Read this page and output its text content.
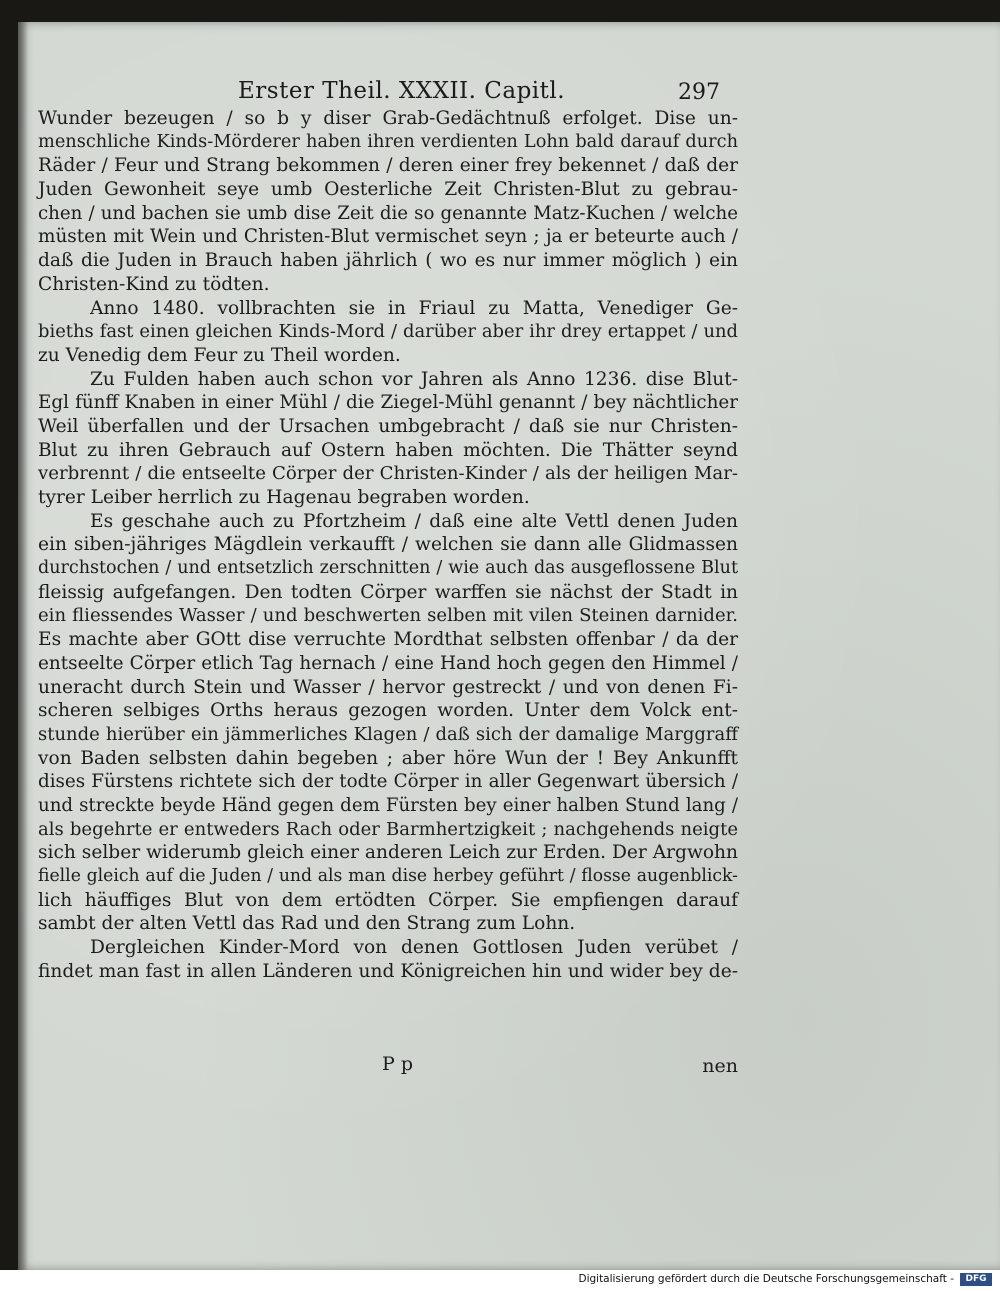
Erster Theil. XXXII. Capitl.	297
Wunder bezeugen / so b y diser Grab-Gedächtnuß erfolget. Dise un-
menschliche Kinds-Mörderer haben ihren verdienten Lohn bald darauf durch
Räder / Feur und Strang bekommen / deren einer frey bekennet / daß der
Juden Gewonheit seye umb Oesterliche Zeit Christen-Blut zu gebrau-
chen / und bachen sie umb dise Zeit die so genannte Matz-Kuchen / welche
müsten mit Wein und Christen-Blut vermischet seyn ; ja er beteurte auch /
daß die Juden in Brauch haben jährlich ( wo es nur immer möglich ) ein
Christen-Kind zu tödten.
Anno 1480. vollbrachten sie in Friaul zu Matta, Venediger Ge-
bieths fast einen gleichen Kinds-Mord / darüber aber ihr drey ertappet / und
zu Venedig dem Feur zu Theil worden.
Zu Fulden haben auch schon vor Jahren als Anno 1236. dise Blut-
Egl fünff Knaben in einer Mühl / die Ziegel-Mühl genannt / bey nächtlicher
Weil überfallen und der Ursachen umbgebracht / daß sie nur Christen-
Blut zu ihren Gebrauch auf Ostern haben möchten. Die Thätter seynd
verbrennt / die entseelte Cörper der Christen-Kinder / als der heiligen Mar-
tyrer Leiber herrlich zu Hagenau begraben worden.
Es geschahe auch zu Pfortzheim / daß eine alte Vettl denen Juden
ein siben-jähriges Mägdlein verkaufft / welchen sie dann alle Glidmassen
durchstochen / und entsetzlich zerschnitten / wie auch das ausgeflossene Blut
fleissig aufgefangen. Den todten Cörper warffen sie nächst der Stadt in
ein fliessendes Wasser / und beschwerten selben mit vilen Steinen darnider.
Es machte aber GOtt dise verruchte Mordthat selbsten offenbar / da der
entseelte Cörper etlich Tag hernach / eine Hand hoch gegen den Himmel /
uneracht durch Stein und Wasser / hervor gestreckt / und von denen Fi-
scheren selbiges Orths heraus gezogen worden. Unter dem Volck ent-
stunde hierüber ein jämmerliches Klagen / daß sich der damalige Marggraff
von Baden selbsten dahin begeben ; aber höre Wun der ! Bey Ankunfft
dises Fürstens richtete sich der todte Cörper in aller Gegenwart übersich /
und streckte beyde Händ gegen dem Fürsten bey einer halben Stund lang /
als begehrte er entweders Rach oder Barmhertzigkeit ; nachgehends neigte
sich selber widerumb gleich einer anderen Leich zur Erden. Der Argwohn
fielle gleich auf die Juden / und als man dise herbey geführt / flosse augenblick-
lich häuffiges Blut von dem ertödten Cörper. Sie empfiengen darauf
sambt der alten Vettl das Rad und den Strang zum Lohn.
Dergleichen Kinder-Mord von denen Gottlosen Juden verübet /
findet man fast in allen Länderen und Königreichen hin und wider bey de-
P p	nen
Digitalisierung gefördert durch die Deutsche Forschungsgemeinschaft -	DFG
